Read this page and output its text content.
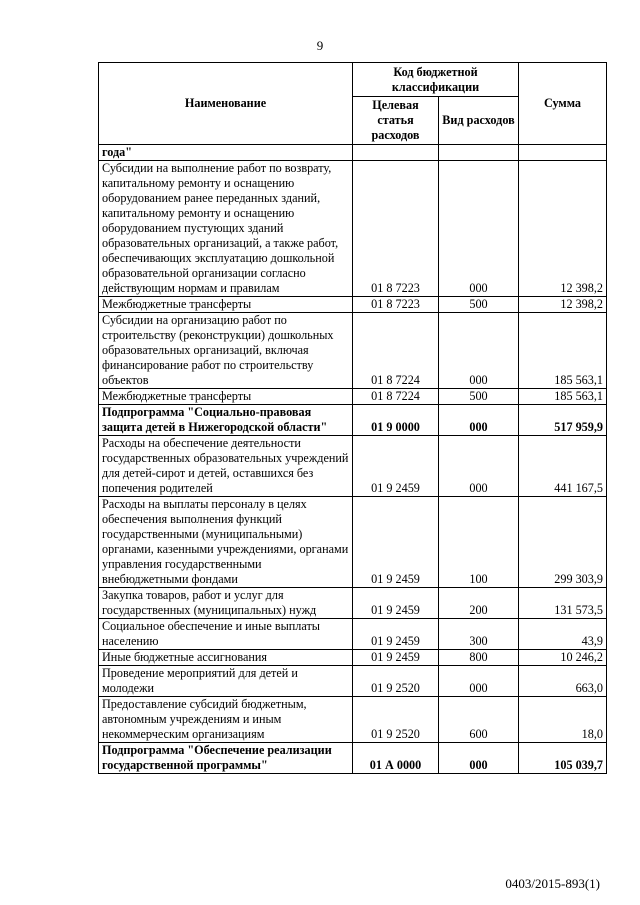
9
Наименование	Код бюджетной классификации		Сумма
	Целевая статья расходов	Вид расходов	
года"			
Субсидии на выполнение работ по возврату, капитальному ремонту и оснащению оборудованием ранее переданных зданий, капитальному ремонту и оснащению оборудованием пустующих зданий образовательных организаций, а также работ, обеспечивающих эксплуатацию дошкольной образовательной организации согласно действующим нормам и правилам	01 8 7223	000	12 398,2
Межбюджетные трансферты	01 8 7223	500	12 398,2
Субсидии на организацию работ по строительству (реконструкции) дошкольных образовательных организаций, включая финансирование работ по строительству объектов	01 8 7224	000	185 563,1
Межбюджетные трансферты	01 8 7224	500	185 563,1
Подпрограмма "Социально-правовая защита детей в Нижегородской области"	01 9 0000	000	517 959,9
Расходы на обеспечение деятельности государственных образовательных учреждений для детей-сирот и детей, оставшихся без попечения родителей	01 9 2459	000	441 167,5
Расходы на выплаты персоналу в целях обеспечения выполнения функций государственными (муниципальными) органами, казенными учреждениями, органами управления государственными внебюджетными фондами	01 9 2459	100	299 303,9
Закупка товаров, работ и услуг для государственных (муниципальных) нужд	01 9 2459	200	131 573,5
Социальное обеспечение и иные выплаты населению	01 9 2459	300	43,9
Иные бюджетные ассигнования	01 9 2459	800	10 246,2
Проведение мероприятий для детей и молодежи	01 9 2520	000	663,0
Предоставление субсидий бюджетным, автономным учреждениям и иным некоммерческим организациям	01 9 2520	600	18,0
Подпрограмма "Обеспечение реализации государственной программы"	01 А 0000	000	105 039,7
0403/2015-893(1)
